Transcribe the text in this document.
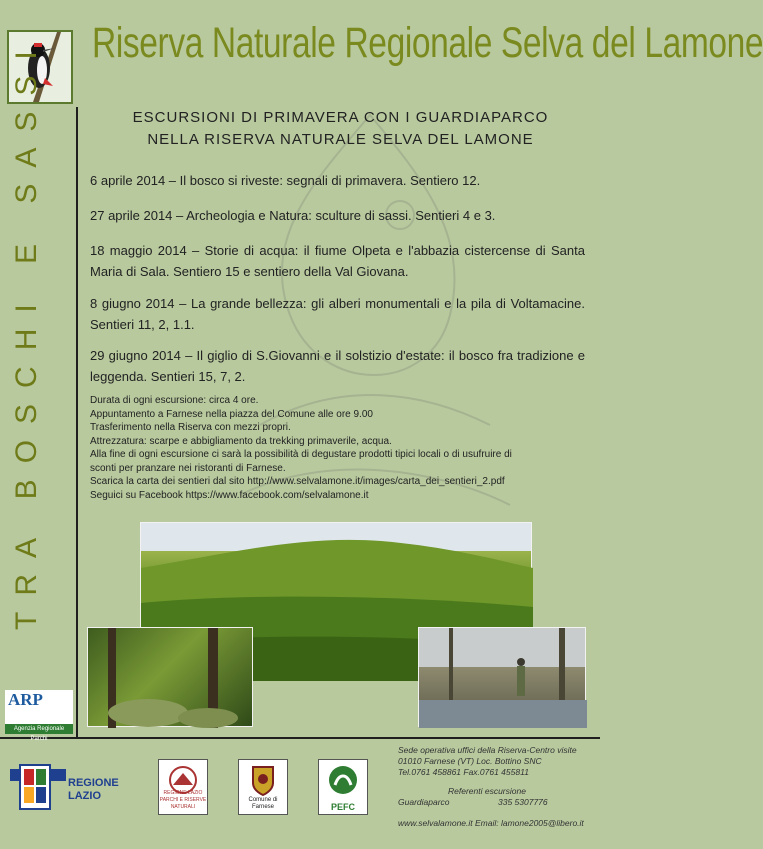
Riserva Naturale Regionale Selva del Lamone
TRA BOSCHI E SASSI	ESCURSIONI DI PRIMAVERA CON I GUARDIAPARCO
NELLA RISERVA NATURALE SELVA DEL LAMONE
6 aprile 2014 – Il bosco si riveste: segnali di primavera. Sentiero 12.
27 aprile 2014 – Archeologia e Natura: sculture di sassi. Sentieri 4 e 3.
18 maggio 2014 – Storie di acqua: il fiume Olpeta e l'abbazia cistercense di Santa Maria di Sala. Sentiero 15 e sentiero della Val Giovana.
8 giugno 2014 – La grande bellezza: gli alberi monumentali e la pila di Voltamacine. Sentieri 11, 2, 1.1.
29 giugno 2014 – Il giglio di S.Giovanni e il solstizio d'estate: il bosco fra tradizione e leggenda. Sentieri 15, 7, 2.
Durata di ogni escursione: circa 4 ore.
Appuntamento a Farnese nella piazza del Comune alle ore 9.00
Trasferimento nella Riserva con mezzi propri.
Attrezzatura: scarpe e abbigliamento da trekking primaverile, acqua.
Alla fine di ogni escursione ci sarà la possibilità di degustare prodotti tipici locali o di usufruire di
sconti per pranzare nei ristoranti di Farnese.
Scarica la carta dei sentieri dal sito http://www.selvalamone.it/images/carta_dei_sentieri_2.pdf
Seguici su Facebook https://www.facebook.com/selvalamone.it
ARP
Agenzia Regionale Parchi
REGIONE
LAZIO	REGIONE LAZIO PARCHI E RISERVE NATURALI
Comune di Farnese	PEFC
Sede operativa uffici della Riserva-Centro visite
01010 Farnese (VT) Loc. Bottino SNC
Tel.0761 458861 Fax.0761 455811
Referenti escursione
Guardiaparco	335 5307776
www.selvalamone.it Email: lamone2005@libero.it
